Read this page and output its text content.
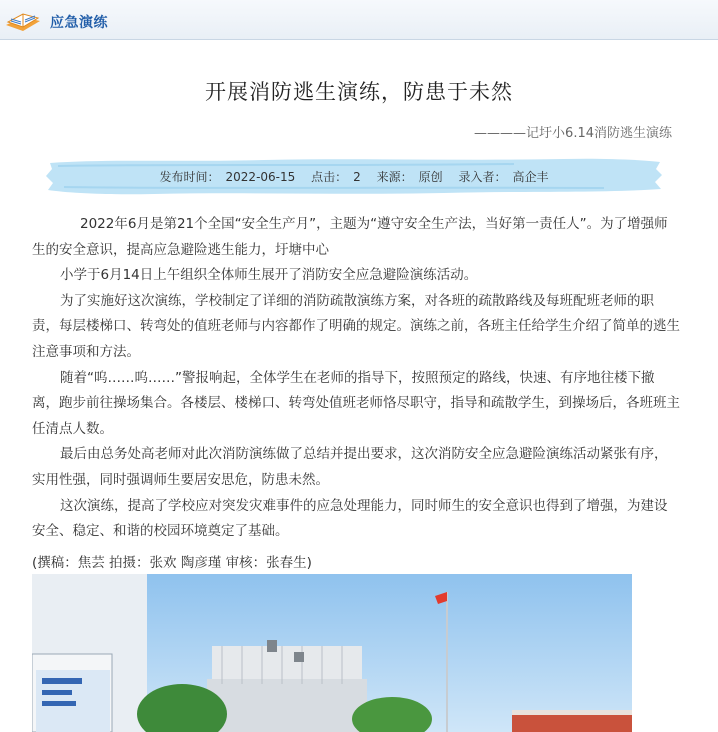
应急演练
开展消防逃生演练，防患于未然
————记圩小6.14消防逃生演练
发布时间： 2022-06-15 点击： 2 来源： 原创 录入者： 高企丰

2022年6月是第21个全国“安全生产月”，主题为“遵守安全生产法，当好第一责任人”。为了增强师生的安全意识，提高应急避险逃生能力，圩塘中心

小学于6月14日上午组织全体师生展开了消防安全应急避险演练活动。

为了实施好这次演练，学校制定了详细的消防疏散演练方案，对各班的疏散路线及每班配班老师的职责，每层楼梯口、转弯处的值班老师与内容都作了明确的规定。演练之前，各班主任给学生介绍了简单的逃生注意事项和方法。

随着“呜……呜……”警报响起，全体学生在老师的指导下，按照预定的路线，快速、有序地往楼下撤离，跑步前往操场集合。各楼层、楼梯口、转弯处值班老师恪尽职守，指导和疏散学生，到操场后，各班班主任清点人数。

最后由总务处高老师对此次消防演练做了总结并提出要求，这次消防安全应急避险演练活动紧张有序，实用性强，同时强调师生要居安思危，防患未然。

这次演练，提高了学校应对突发灾难事件的应急处理能力，同时师生的安全意识也得到了增强，为建设安全、稳定、和谐的校园环境奠定了基础。

(撰稿：焦芸 拍摄：张欢 陶彦瑾 审核：张春生)
